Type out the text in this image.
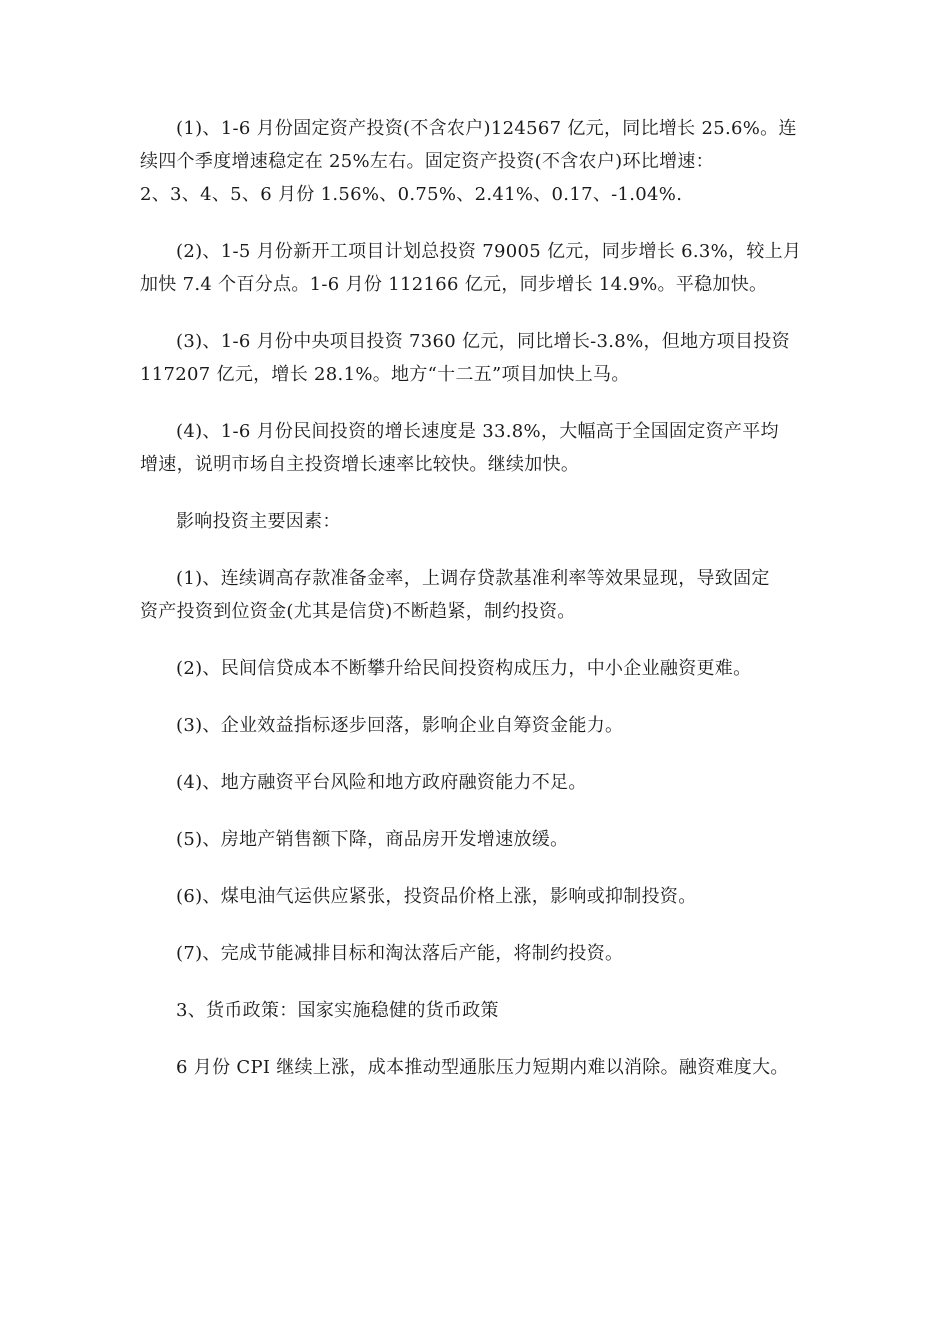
(1)、1-6 月份固定资产投资(不含农户)124567 亿元，同比增长 25.6%。连
续四个季度增速稳定在 25%左右。固定资产投资(不含农户)环比增速：
2、3、4、5、6 月份 1.56%、0.75%、2.41%、0.17、-1.04%.

(2)、1-5 月份新开工项目计划总投资 79005 亿元，同步增长 6.3%，较上月
加快 7.4 个百分点。1-6 月份 112166 亿元，同步增长 14.9%。平稳加快。

(3)、1-6 月份中央项目投资 7360 亿元，同比增长-3.8%，但地方项目投资
117207 亿元，增长 28.1%。地方“十二五”项目加快上马。

(4)、1-6 月份民间投资的增长速度是 33.8%，大幅高于全国固定资产平均
增速，说明市场自主投资增长速率比较快。继续加快。

影响投资主要因素：

(1)、连续调高存款准备金率，上调存贷款基准利率等效果显现，导致固定
资产投资到位资金(尤其是信贷)不断趋紧，制约投资。

(2)、民间信贷成本不断攀升给民间投资构成压力，中小企业融资更难。

(3)、企业效益指标逐步回落，影响企业自筹资金能力。

(4)、地方融资平台风险和地方政府融资能力不足。

(5)、房地产销售额下降，商品房开发增速放缓。

(6)、煤电油气运供应紧张，投资品价格上涨，影响或抑制投资。

(7)、完成节能减排目标和淘汰落后产能，将制约投资。

3、货币政策：国家实施稳健的货币政策

6 月份 CPI 继续上涨，成本推动型通胀压力短期内难以消除。融资难度大。
